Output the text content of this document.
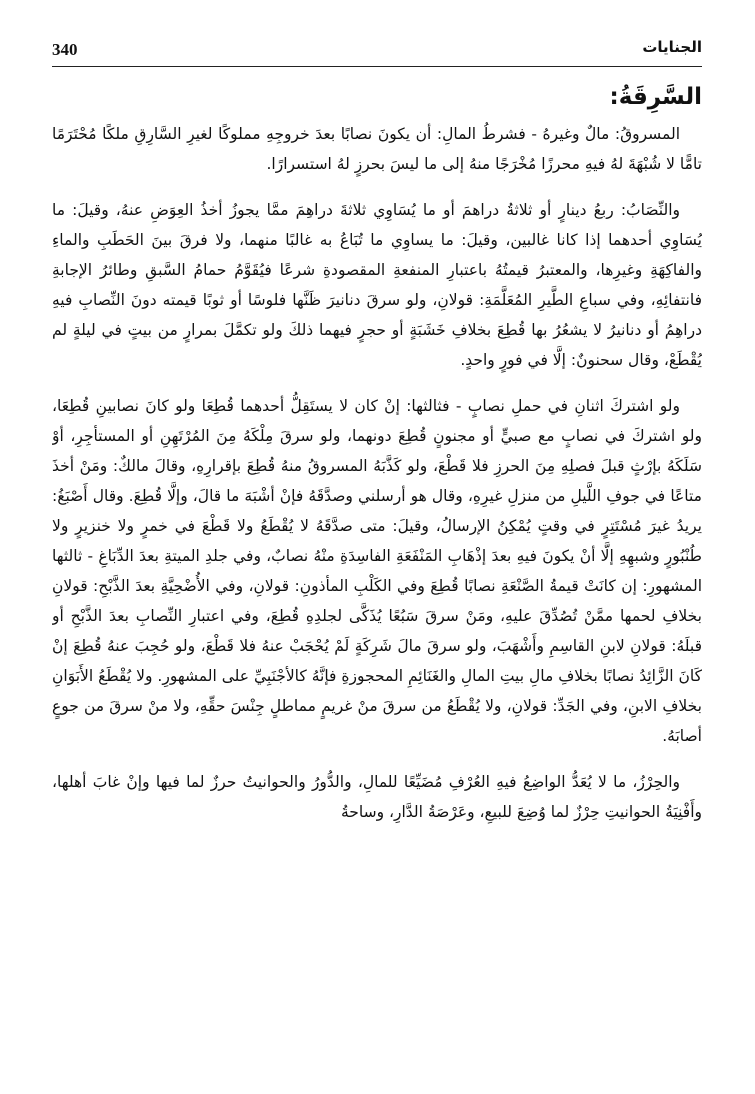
340	الجنايات
السَّرِقَةُ:

المسروقُ: مالٌ وغيرهُ - فشرطُ المالِ: أن يكونَ نصابًا بعدَ خروجِهِ مملوكًا لغيرِ السَّارِقِ ملكًا مُحْتَرَمًا تامًّا لا شُبْهَةَ لهُ فيهِ محرزًا مُخْرَجًا منهُ إلى ما ليسَ بحرزٍ لهُ استسرارًا.

والنِّصَابُ: ربعُ دينارٍ أو ثلاثةُ دراهمَ أو ما يُسَاوِي ثلاثةَ دراهِمَ ممَّا يجوزُ أخذُ العِوَضِ عنهُ، وقيلَ: ما يُسَاوِي أحدهما إذا كانا غالبين، وقيلَ: ما يساوِي ما تُبَاعُ به غالبًا منهما، ولا فرقَ بينَ الحَطَبِ والماءِ والفاكِهَةِ وغيرِها، والمعتبرُ قيمتُهُ باعتبارِ المنفعةِ المقصودةِ شرعًا فيُقَوَّمُ حمامُ السَّبقِ وطائرُ الإجابةِ فانتفائِهِ، وفي سباعِ الطَّيرِ المُعَلَّمَةِ: قولانِ، ولو سرقَ دنانيرَ ظَنَّها فلوسًا أو ثوبًا قيمته دونَ النِّصابِ فيهِ دراهِمُ أو دنانيرُ لا يشعُرُ بها قُطِعَ بخلافِ خَشَبَةٍ أو حجرٍ فيهما ذلكَ ولو تكمَّلَ بمرارٍ من بيتٍ في ليلةٍ لم يُقْطَعْ، وقال سحنونٌ: إلَّا في فورٍ واحدٍ.

ولو اشتركَ اثنانِ في حملِ نصابٍ - فثالثها: إنْ كان لا يستَقِلُّ أحدهما قُطِعَا ولو كانَ نصابينِ قُطِعَا، ولو اشتركَ في نصابٍ مع صبيٍّ أو مجنونٍ قُطِعَ دونهما، ولو سرقَ مِلْكَهُ مِنَ المُرْتَهِنِ أو المستأجِرِ، أوْ سَلَكَهُ بإرْثٍ قبلَ فصلِهِ مِنَ الحرزِ فلا قَطْعَ، ولو كَذَّبَهُ المسروقُ منهُ قُطِعَ بإقرارِهِ، وقالَ مالكٌ: ومَنْ أخذَ متاعًا في جوفِ اللَّيلِ من منزلِ غيرِهِ، وقال هو أرسلني وصدَّقَهُ فإنْ أشْبَهَ ما قالَ، وإلَّا قُطِعَ. وقال أَصْبَغُ: يريدُ غيرَ مُسْتَتِرٍ في وقتٍ يُمْكِنُ الإرسالُ، وقيلَ: متى صدَّقَهُ لا يُقْطَعُ ولا قَطْعَ في خمرٍ ولا خنزيرٍ ولا طُنْبُورٍ وشبهِهِ إلَّا أنْ يكونَ فيهِ بعدَ إذْهَابِ المَنْفَعَةِ الفاسِدَةِ منْهُ نصابٌ، وفي جلدِ الميتةِ بعدَ الدِّبَاغِ - ثالثها المشهورِ: إن كانَتْ قيمةُ الصَّنْعَةِ نصابًا قُطِعَ وفي الكَلْبِ المأذونِ: قولانِ، وفي الأُضْحِيَّةِ بعدَ الذَّبْحِ: قولانِ بخلافِ لحمها ممَّنْ تُصُدِّقَ عليهِ، ومَنْ سرقَ سَبُعًا يُذَكَّى لجلدِهِ قُطِعَ، وفي اعتبارِ النِّصابِ بعدَ الذَّبْحِ أو قبلَهُ: قولانِ لابنِ القاسِمِ وأَشْهَبَ، ولو سرقَ مالَ شَرِكَةٍ لَمْ يُحْجَبْ عنهُ فلا قَطْعَ، ولو حُجِبَ عنهُ قُطِعَ إنْ كَانَ الزَّائِدُ نصابًا بخلافِ مالِ بيتِ المالِ والغَنَائِمِ المحجوزةِ فإنَّهُ كالأجْنَبِيِّ على المشهورِ. ولا يُقْطَعُ الأَبَوَانِ بخلافِ الابنِ، وفي الجَدِّ: قولانِ، ولا يُقْطَعُ من سرقَ منْ غريمٍ مماطلٍ جِنْسَ حقِّهِ، ولا منْ سرقَ من جوعٍ أصابَهُ.

والحِرْزُ، ما لا يُعَدُّ الواضِعُ فيهِ العُرْفِ مُضَيِّعًا للمالِ، والدُّورُ والحوانيتُ حرزٌ لما فيها وإنْ غابَ أهلها، وأَفْنِيَةُ الحوانيتِ حِرْزٌ لما وُضِعَ للبيعِ، وعَرْصَةُ الدَّارِ، وساحةُ
